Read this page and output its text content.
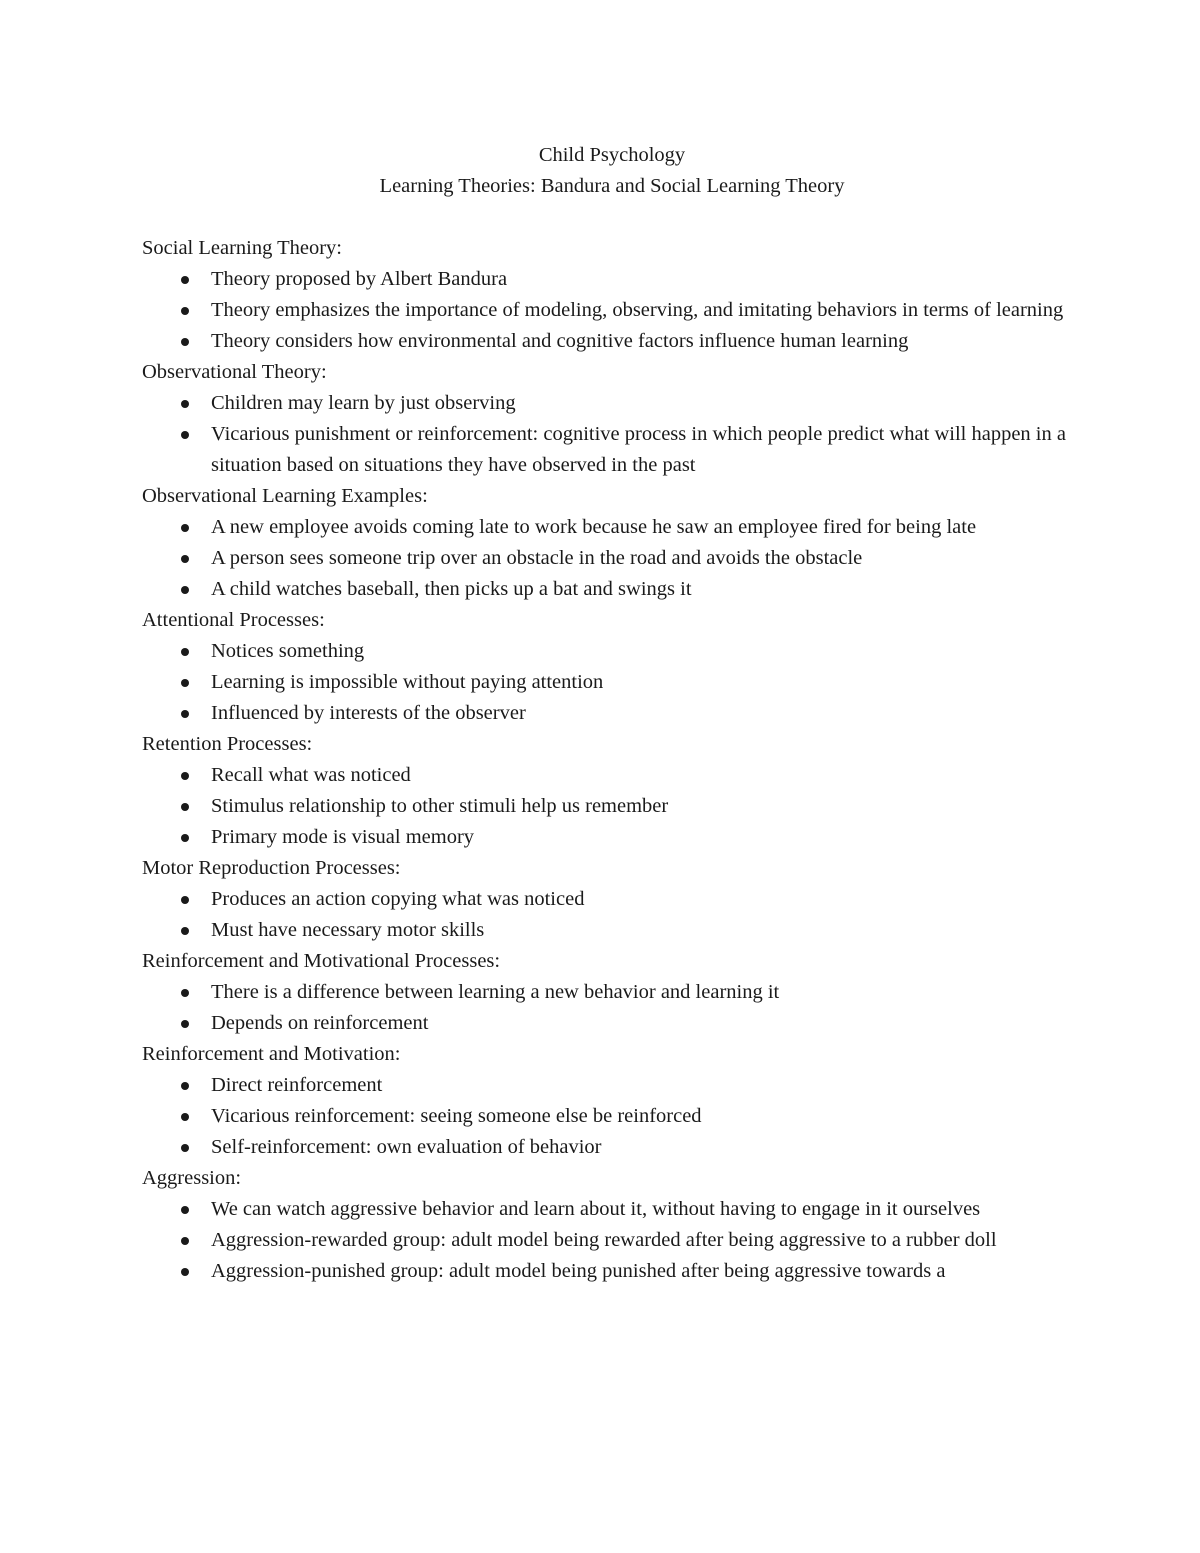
Child Psychology

Learning Theories: Bandura and Social Learning Theory

Social Learning Theory:

Theory proposed by Albert Bandura
Theory emphasizes the importance of modeling, observing, and imitating behaviors in terms of learning
Theory considers how environmental and cognitive factors influence human learning

Observational Theory:

Children may learn by just observing
Vicarious punishment or reinforcement: cognitive process in which people predict what will happen in a situation based on situations they have observed in the past

Observational Learning Examples:

A new employee avoids coming late to work because he saw an employee fired for being late
A person sees someone trip over an obstacle in the road and avoids the obstacle
A child watches baseball, then picks up a bat and swings it

Attentional Processes:

Notices something
Learning is impossible without paying attention
Influenced by interests of the observer

Retention Processes:

Recall what was noticed
Stimulus relationship to other stimuli help us remember
Primary mode is visual memory

Motor Reproduction Processes:

Produces an action copying what was noticed
Must have necessary motor skills

Reinforcement and Motivational Processes:

There is a difference between learning a new behavior and learning it
Depends on reinforcement

Reinforcement and Motivation:

Direct reinforcement
Vicarious reinforcement: seeing someone else be reinforced
Self-reinforcement: own evaluation of behavior

Aggression:

We can watch aggressive behavior and learn about it, without having to engage in it ourselves
Aggression-rewarded group: adult model being rewarded after being aggressive to a rubber doll
Aggression-punished group: adult model being punished after being aggressive towards a
